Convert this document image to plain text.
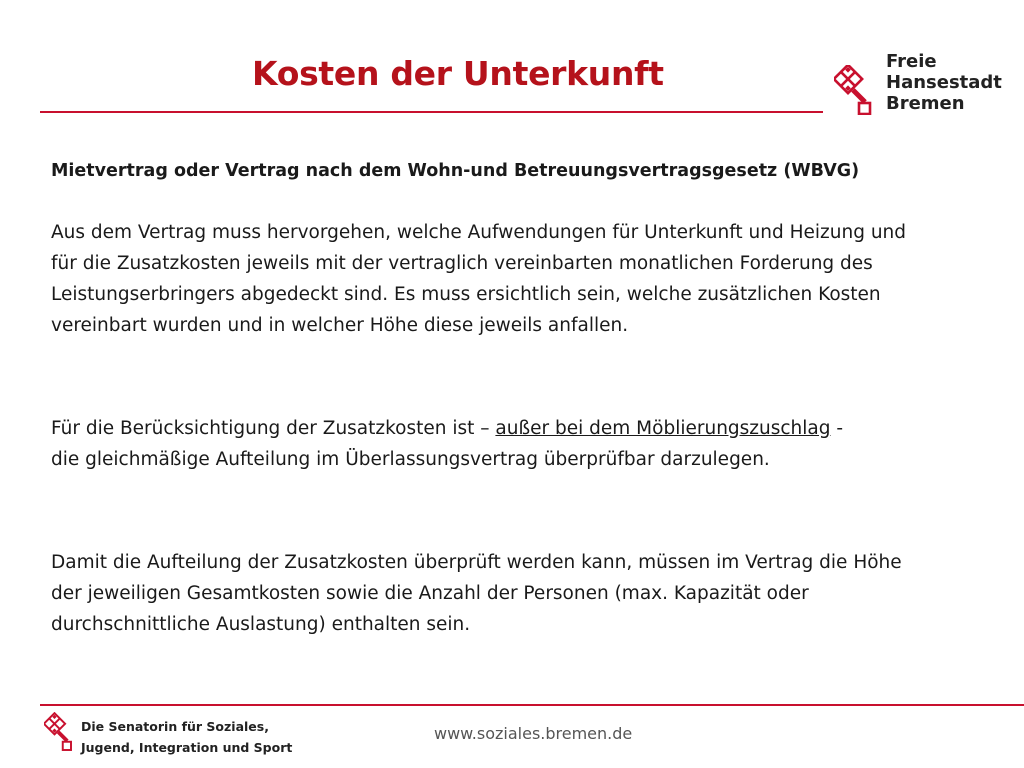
Kosten der Unterkunft	Freie
Hansestadt
Bremen
Mietvertrag oder Vertrag nach dem Wohn-und Betreuungsvertragsgesetz (WBVG)
Aus dem Vertrag muss hervorgehen, welche Aufwendungen für Unterkunft und Heizung und für die Zusatzkosten jeweils mit der vertraglich vereinbarten monatlichen Forderung des Leistungserbringers abgedeckt sind. Es muss ersichtlich sein, welche zusätzlichen Kosten vereinbart wurden und in welcher Höhe diese jeweils anfallen.
Für die Berücksichtigung der Zusatzkosten ist – außer bei dem Möblierungszuschlag - die gleichmäßige Aufteilung im Überlassungsvertrag überprüfbar darzulegen.
Damit die Aufteilung der Zusatzkosten überprüft werden kann, müssen im Vertrag die Höhe der jeweiligen Gesamtkosten sowie die Anzahl der Personen (max. Kapazität oder durchschnittliche Auslastung) enthalten sein.
Die Senatorin für Soziales,
Jugend, Integration und Sport
www.soziales.bremen.de
